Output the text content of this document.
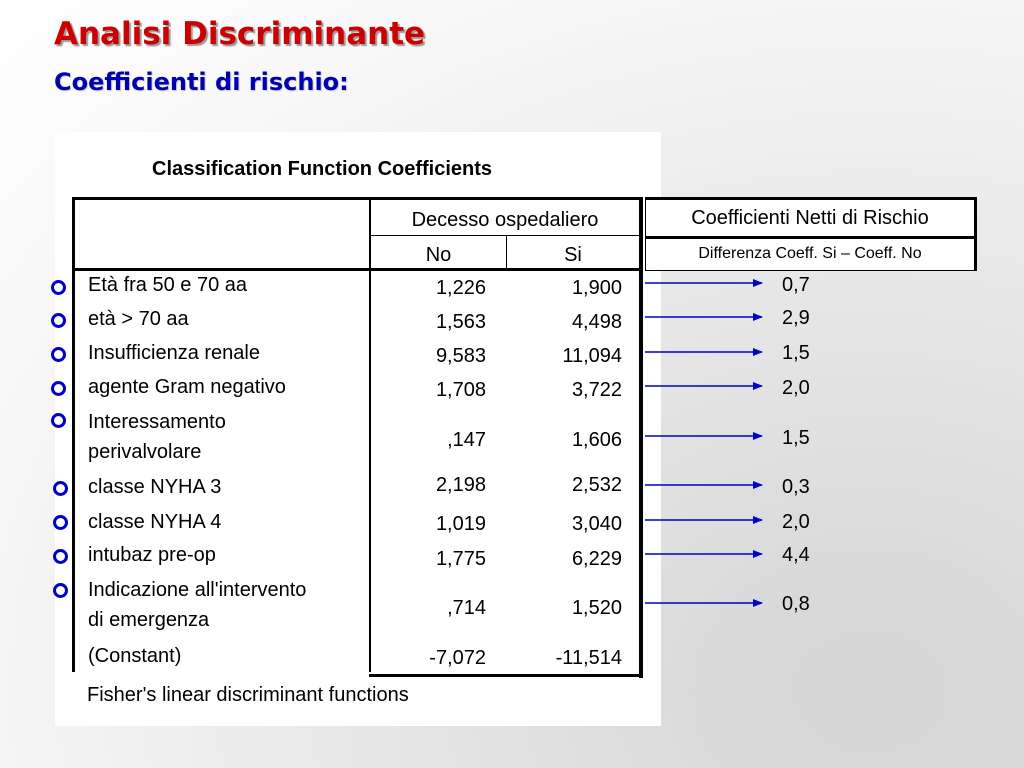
Analisi Discriminante
Coefficienti di rischio:
Classification Function Coefficients
Decesso ospedaliero
No	Si
Età fra 50 e 70 aa
età > 70 aa
Insufficienza renale
agente Gram negativo
Interessamento
perivalvolare
classe NYHA 3
classe NYHA 4
intubaz pre-op
Indicazione all'intervento
di emergenza
(Constant)
1,226
1,563
9,583
1,708
,147
2,198
1,019
1,775
,714
-7,072
1,900
4,498
11,094
3,722
1,606
2,532
3,040
6,229
1,520
-11,514
Fisher's linear discriminant functions
Coefficienti Netti di Rischio
Differenza Coeff. Si – Coeff. No
0,7
2,9
1,5
2,0
1,5
0,3
2,0
4,4
0,8
